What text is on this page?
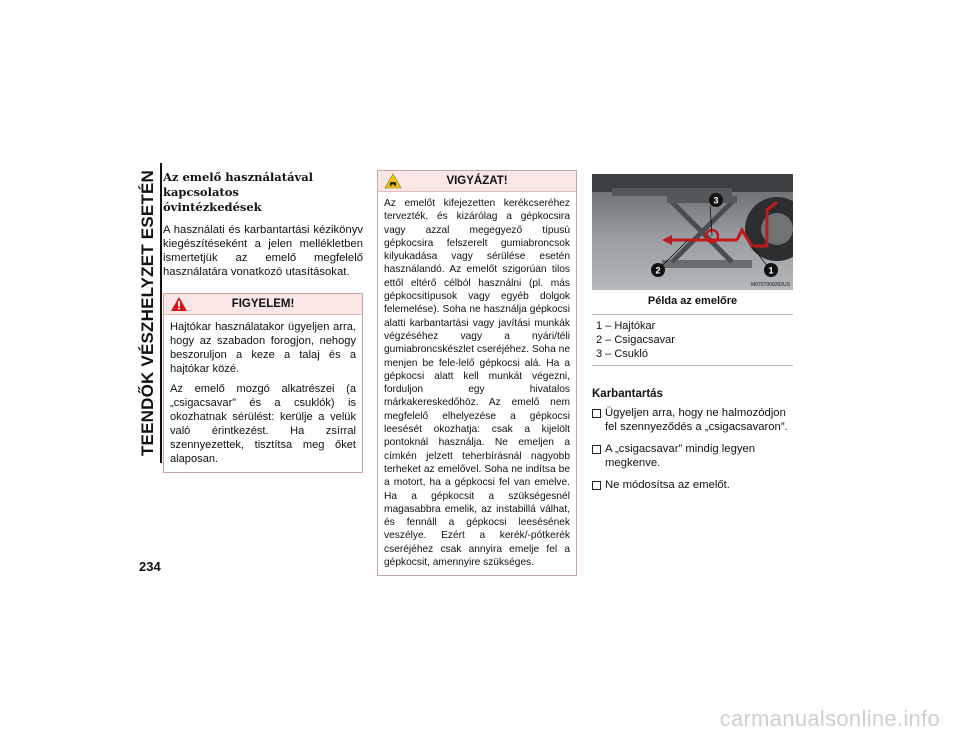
TEENDŐK VÉSZHELYZET ESETÉN
234
Az emelő használatával kapcsolatos
óvintézkedések

A használati és karbantartási kézikönyv kiegészítéseként a jelen mellékletben ismertetjük az emelő megfelelő használatára vonatkozó utasításokat.

FIGYELEM!

Hajtókar használatakor ügyeljen arra, hogy az szabadon forogjon, nehogy beszoruljon a keze a talaj és a hajtókar közé.

Az emelő mozgó alkatrészei (a „csigacsavar” és a csuklók) is okozhatnak sérülést: kerülje a velük való érintkezést. Ha zsírral szennyezettek, tisztítsa meg őket alaposan.

VIGYÁZAT!

Az emelőt kifejezetten kerékcseréhez tervezték, és kizárólag a gépkocsira vagy azzal megegyező típusú gépkocsira felszerelt gumiabroncsok kilyukadása vagy sérülése esetén használandó. Az emelőt szigorúan tilos ettől eltérő célból használni (pl. más gépkocsitípusok vagy egyéb dolgok felemelése). Soha ne használja gépkocsi alatti karbantartási vagy javítási munkák végzéséhez vagy a nyári/téli gumiabroncskészlet cseréjéhez. Soha ne menjen be fele-lelő gépkocsi alá. Ha a gépkocsi alatt kell munkát végezni, forduljon egy hivatalos márkakereskedőhöz. Az emelő nem megfelelő elhelyezése a gépkocsi leesését okozhatja: csak a kijelölt pontoknál használja. Ne emeljen a címkén jelzett teherbírásnál nagyobb terheket az emelővel. Soha ne indítsa be a motort, ha a gépkocsi fel van emelve. Ha a gépkocsit a szükségesnél magasabbra emelik, az instabillá válhat, és fennáll a gépkocsi leesésének veszélye. Ezért a kerék/-pótkerék cseréjéhez csak annyira emelje fel a gépkocsit, amennyire szükséges.

3
2	1
M0707000202US
Példa az emelőre
1 – Hajtókar
2 – Csigacsavar
3 – Csukló
Karbantartás
Ügyeljen arra, hogy ne halmozódjon fel szennyeződés a „csigacsavaron”.
A „csigacsavar” mindig legyen megkenve.
Ne módosítsa az emelőt.
carmanualsonline.info
